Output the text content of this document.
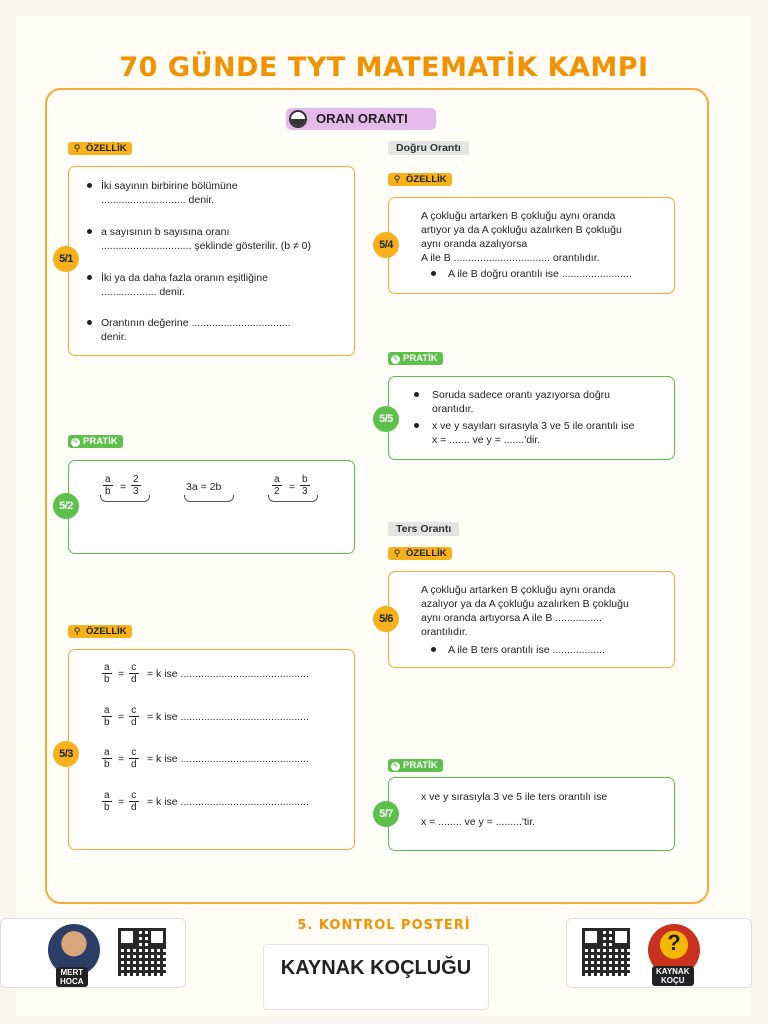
70 GÜNDE TYT MATEMATİK KAMPI
ORAN ORANTI
⚲ ÖZELLİK
5/1
İki sayının birbirine bölümüne
............................. denir.
a sayısının b sayısına oranı
............................... şeklinde gösterilir. (b ≠ 0)
İki ya da daha fazla oranın eşitliğine
................... denir.
Orantının değerine ..................................
denir.
✎ PRATİK
5/2
$\frac{a}{b} = \frac{2}{3}$	3a = 2b	$\frac{a}{2} = \frac{b}{3}$
⚲ ÖZELLİK
5/3
$\frac{a}{b} = \frac{c}{d} = k$ ise ............................................
$\frac{a}{b} = \frac{c}{d} = k$ ise ............................................
$\frac{a}{b} = \frac{c}{d} = k$ ise ............................................
$\frac{a}{b} = \frac{c}{d} = k$ ise ............................................
Doğru Orantı
⚲ ÖZELLİK
5/4
A çokluğu artarken B çokluğu aynı oranda
artıyor ya da A çokluğu azalırken B çokluğu
aynı oranda azalıyorsa
A ile B ................................. orantılıdır.
A ile B doğru orantılı ise ........................
✎ PRATİK
5/5
Soruda sadece orantı yazıyorsa doğru
orantıdır.
x ve y sayıları sırasıyla 3 ve 5 ile orantılı ise
x = ....... ve y = .......'dir.
Ters Orantı
⚲ ÖZELLİK
5/6
A çokluğu artarken B çokluğu aynı oranda
azalıyor ya da A çokluğu azalırken B çokluğu
aynı oranda artıyorsa A ile B ................
orantılıdır.
A ile B ters orantılı ise ..................
✎ PRATİK
5/7
x ve y sırasıyla 3 ve 5 ile ters orantılı ise
x = ........ ve y = .........'tir.
5. KONTROL POSTERİ
KAYNAK KOÇLUĞU
MERT
HOCA
?
KAYNAK
KOÇU
